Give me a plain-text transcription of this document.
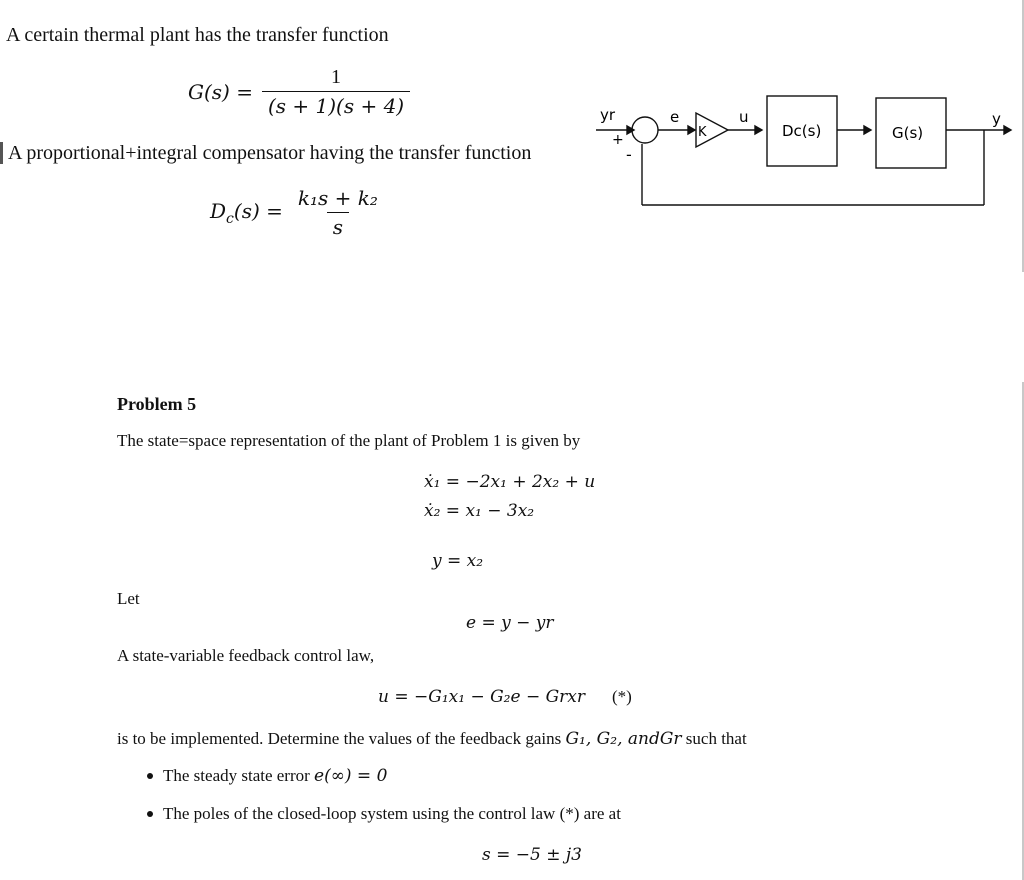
A certain thermal plant has the transfer function
$G(s) = \frac{1}{(s + 1)(s + 4)}$
A proportional+integral compensator having the transfer function
$D_c(s) = \frac{\text{k₁s + k₂}}{s}$
yr
+
-
e
K
u
Dc(s)	G(s)
y
Problem 5
The state=space representation of the plant of Problem 1 is given by
ẋ₁ = −2x₁ + 2x₂ + u
ẋ₂ = x₁ − 3x₂
y = x₂
Let
e = y − yr
A state-variable feedback control law,
u = −G₁x₁ − G₂e − Grxr (*)
is to be implemented. Determine the values of the feedback gains G₁, G₂, andGr such that
The steady state error e(∞) = 0
The poles of the closed-loop system using the control law (*) are at
s = −5 ± j3
